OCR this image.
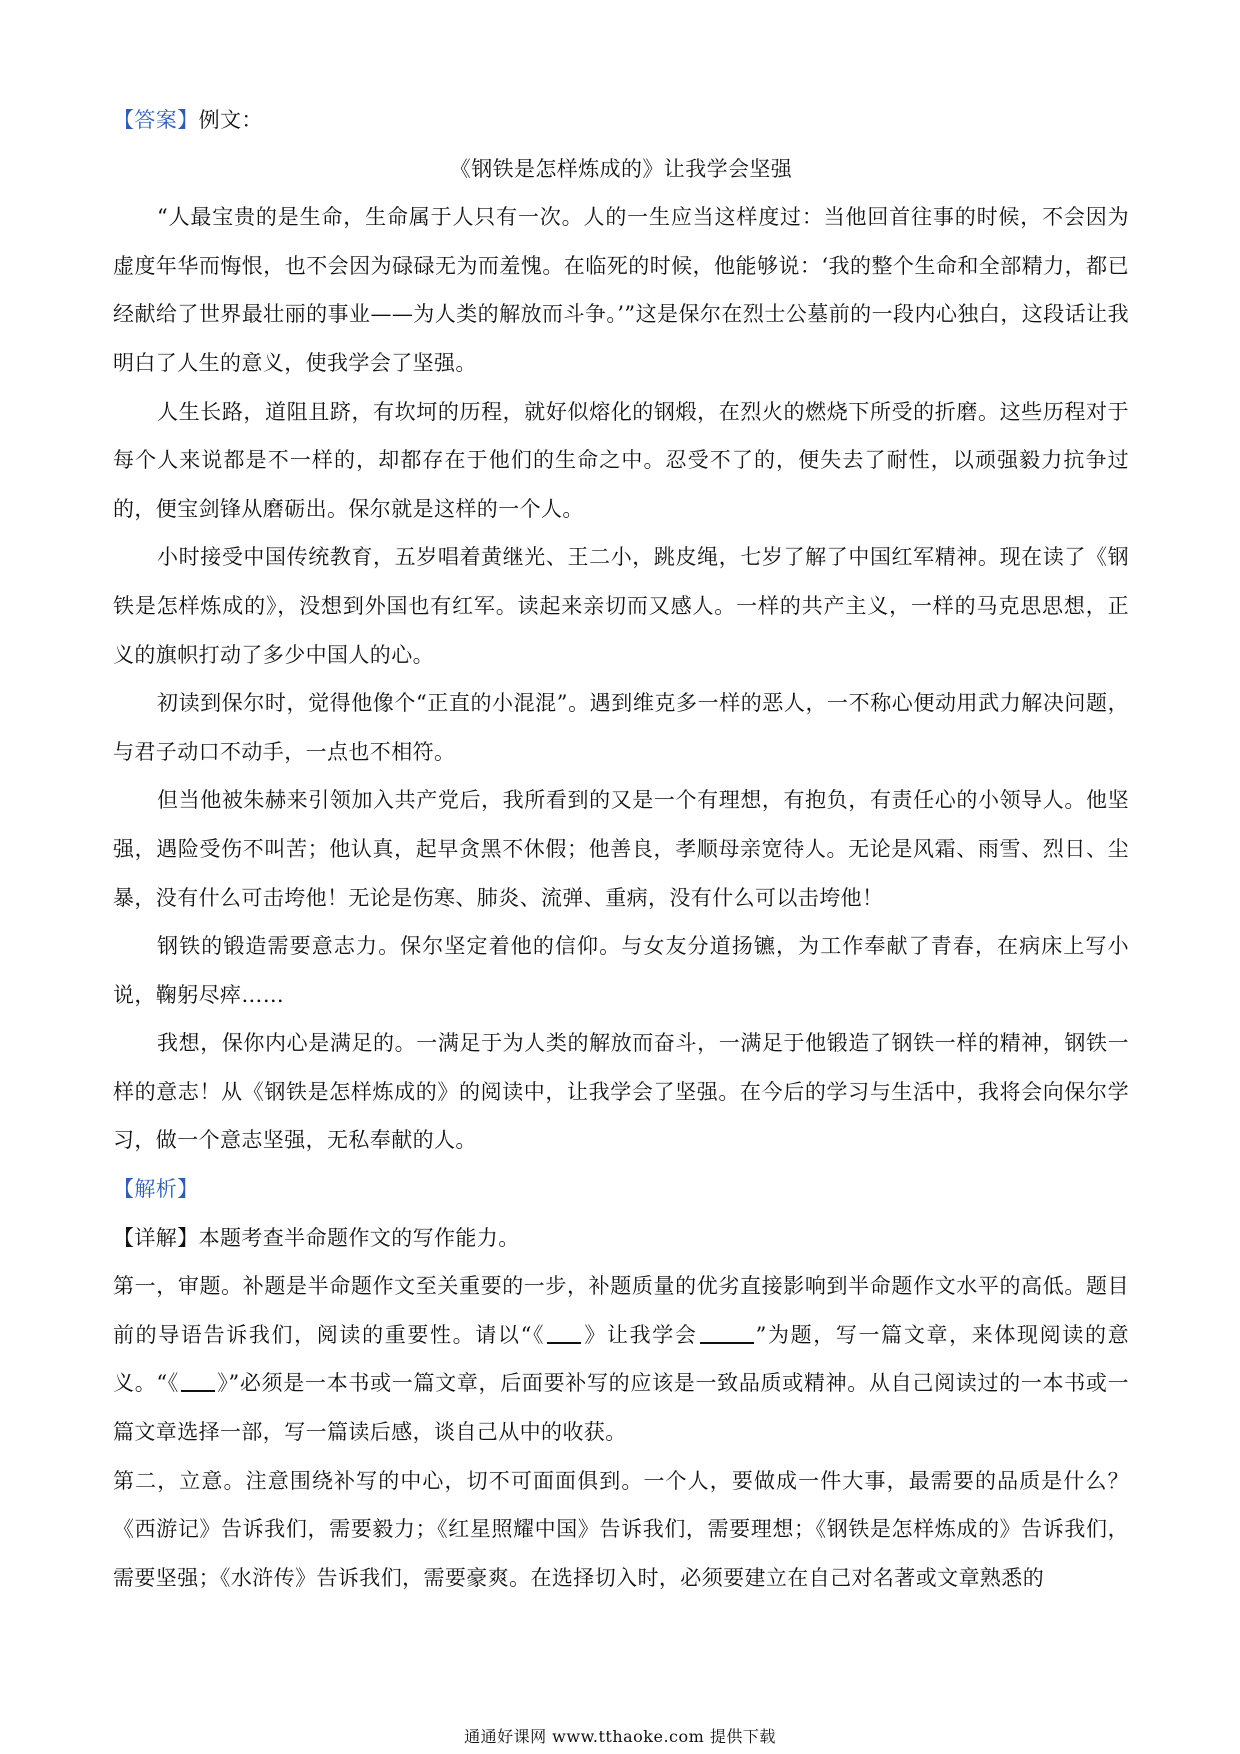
【答案】例文：

《钢铁是怎样炼成的》让我学会坚强

“人最宝贵的是生命，生命属于人只有一次。人的一生应当这样度过：当他回首往事的时候，不会因为虚度年华而悔恨，也不会因为碌碌无为而羞愧。在临死的时候，他能够说：‘我的整个生命和全部精力，都已经献给了世界最壮丽的事业——为人类的解放而斗争。’”这是保尔在烈士公墓前的一段内心独白，这段话让我明白了人生的意义，使我学会了坚强。

人生长路，道阻且跻，有坎坷的历程，就好似熔化的钢煅，在烈火的燃烧下所受的折磨。这些历程对于每个人来说都是不一样的，却都存在于他们的生命之中。忍受不了的，便失去了耐性，以顽强毅力抗争过的，便宝剑锋从磨砺出。保尔就是这样的一个人。

小时接受中国传统教育，五岁唱着黄继光、王二小，跳皮绳，七岁了解了中国红军精神。现在读了《钢铁是怎样炼成的》，没想到外国也有红军。读起来亲切而又感人。一样的共产主义，一样的马克思思想，正义的旗帜打动了多少中国人的心。

初读到保尔时，觉得他像个“正直的小混混”。遇到维克多一样的恶人，一不称心便动用武力解决问题，与君子动口不动手，一点也不相符。

但当他被朱赫来引领加入共产党后，我所看到的又是一个有理想，有抱负，有责任心的小领导人。他坚强，遇险受伤不叫苦；他认真，起早贪黑不休假；他善良，孝顺母亲宽待人。无论是风霜、雨雪、烈日、尘暴，没有什么可击垮他！无论是伤寒、肺炎、流弹、重病，没有什么可以击垮他！

钢铁的锻造需要意志力。保尔坚定着他的信仰。与女友分道扬镳，为工作奉献了青春，在病床上写小说，鞠躬尽瘁……

我想，保你内心是满足的。一满足于为人类的解放而奋斗，一满足于他锻造了钢铁一样的精神，钢铁一样的意志！从《钢铁是怎样炼成的》的阅读中，让我学会了坚强。在今后的学习与生活中，我将会向保尔学习，做一个意志坚强，无私奉献的人。

【解析】

【详解】本题考查半命题作文的写作能力。

第一，审题。补题是半命题作文至关重要的一步，补题质量的优劣直接影响到半命题作文水平的高低。题目前的导语告诉我们，阅读的重要性。请以“《 》让我学会	”为题，写一篇文章，来体现阅读的意义。“《 》”必须是一本书或一篇文章，后面要补写的应该是一致品质或精神。从自己阅读过的一本书或一篇文章选择一部，写一篇读后感，谈自己从中的收获。

第二，立意。注意围绕补写的中心，切不可面面俱到。一个人，要做成一件大事，最需要的品质是什么？《西游记》告诉我们，需要毅力；《红星照耀中国》告诉我们，需要理想；《钢铁是怎样炼成的》告诉我们，需要坚强；《水浒传》告诉我们，需要豪爽。在选择切入时，必须要建立在自己对名著或文章熟悉的

通通好课网 www.tthaoke.com 提供下载
